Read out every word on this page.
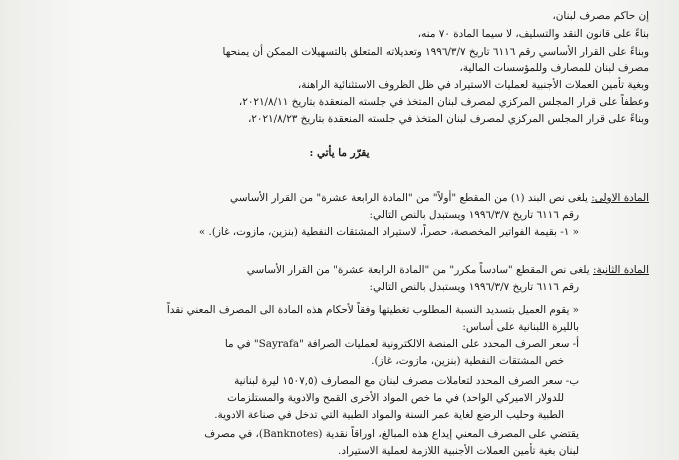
إن حاكم مصرف لبنان،
بناءً على قانون النقد والتسليف، لا سيما المادة ٧٠ منه،
وبناءً على القرار الأساسي رقم ٦١١٦ تاريخ ١٩٩٦/٣/٧ وتعديلاته المتعلق بالتسهيلات الممكن أن يمنحها
مصرف لبنان للمصارف وللمؤسسات المالية،
وبغية تأمين العملات الأجنبية لعمليات الاستيراد في ظل الظروف الاستثنائية الراهنة،
وعطفاً على قرار المجلس المركزي لمصرف لبنان المتخذ في جلسته المنعقدة بتاريخ ٢٠٢١/٨/١١،
وبناءً على قرار المجلس المركزي لمصرف لبنان المتخذ في جلسته المنعقدة بتاريخ ٢٠٢١/٨/٢٣،
يقرّر ما يأتي :
المادة الاولى: يلغى نص البند (١) من المقطع "أولاً" من "المادة الرابعة عشرة" من القرار الأساسي
رقم ٦١١٦ تاريخ ١٩٩٦/٣/٧ ويستبدل بالنص التالي:
« ١- بقيمة الفواتير المخصصة، حصراً، لاستيراد المشتقات النفطية (بنزين، مازوت، غاز). »
المادة الثانية: يلغى نص المقطع "سادساً مكرر" من "المادة الرابعة عشرة" من القرار الأساسي
رقم ٦١١٦ تاريخ ١٩٩٦/٣/٧ ويستبدل بالنص التالي:
« يقوم العميل بتسديد النسبة المطلوب تغطيتها وفقاً لأحكام هذه المادة الى المصرف المعني نقداً
بالليرة اللبنانية على أساس:
أ- سعر الصرف المحدد على المنصة الالكترونية لعمليات الصرافة "Sayrafa" في ما
خص المشتقات النفطية (بنزين، مازوت، غاز).
ب- سعر الصرف المحدد لتعاملات مصرف لبنان مع المصارف (١٥٠٧,٥ ليرة لبنانية
للدولار الاميركي الواحد) في ما خص المواد الأخرى القمح والادوية والمستلزمات
الطبية وحليب الرضع لغاية عمر السنة والمواد الطبية التي تدخل في صناعة الادوية.
يقتضي على المصرف المعني إيداع هذه المبالغ، اوراقاً نقدية (Banknotes)، في مصرف
لبنان بغية تأمين العملات الأجنبية اللازمة لعملية الاستيراد.
